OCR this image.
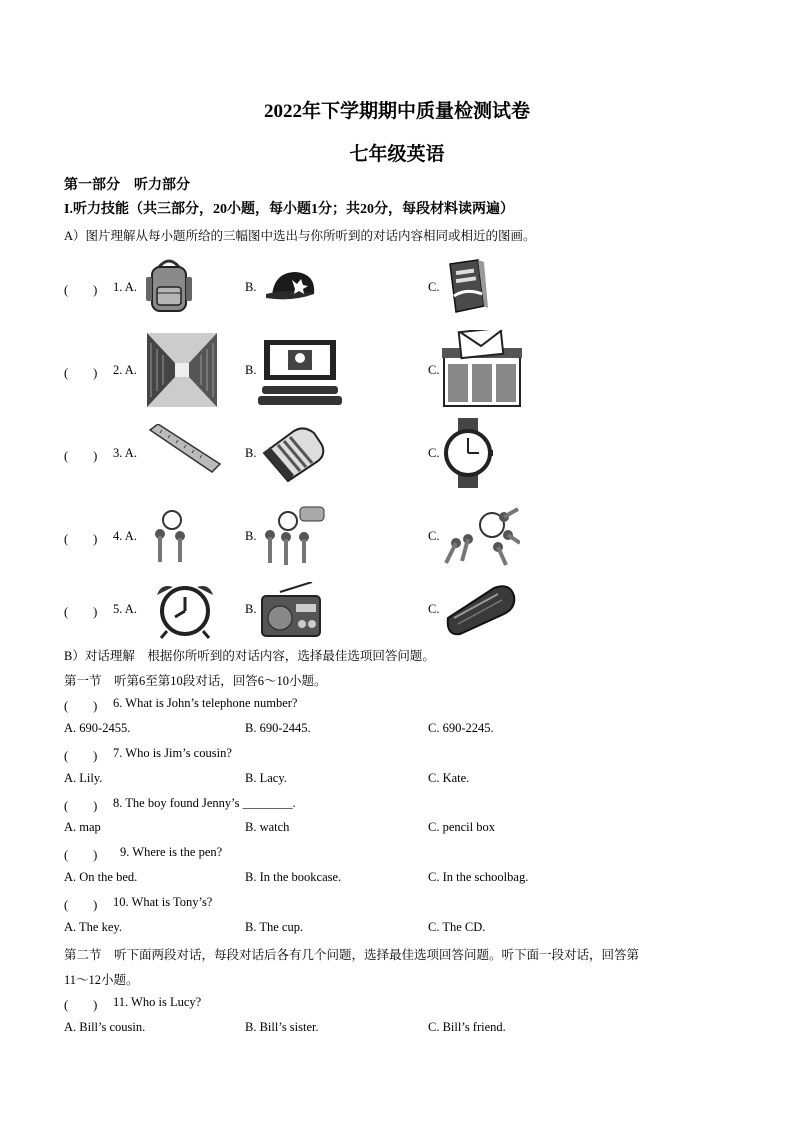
2022年下学期期中质量检测试卷
七年级英语
第一部分　听力部分
I.听力技能（共三部分，20小题，每小题1分；共20分，每段材料读两遍）
A）图片理解从每小题所给的三幅图中选出与你所听到的对话内容相同或相近的图画。
(　　) 1. A.	B.	C.
(　　) 2. A.	B.	C.
(　　) 3. A.	B.	C.
(　　) 4. A.	B.	C.
(　　) 5. A.	B.	C.
B）对话理解　根据你所听到的对话内容，选择最佳选项回答问题。
第一节　听第6至第10段对话，回答6～10小题。
(　　) 6. What is John’s telephone number?
A. 690-2455.	B. 690-2445.	C. 690-2245.
(　　) 7. Who is Jim’s cousin?
A. Lily.	B. Lacy.	C. Kate.
(　　) 8. The boy found Jenny’s ________.
A. map	B. watch	C. pencil box
(　　) 9. Where is the pen?
A. On the bed.	B. In the bookcase.	C. In the schoolbag.
(　　) 10. What is Tony’s?
A. The key.	B. The cup.	C. The CD.
第二节　听下面两段对话，每段对话后各有几个问题，选择最佳选项回答问题。听下面一段对话，回答第
11～12小题。
(　　) 11. Who is Lucy?
A. Bill’s cousin.	B. Bill’s sister.	C. Bill’s friend.
